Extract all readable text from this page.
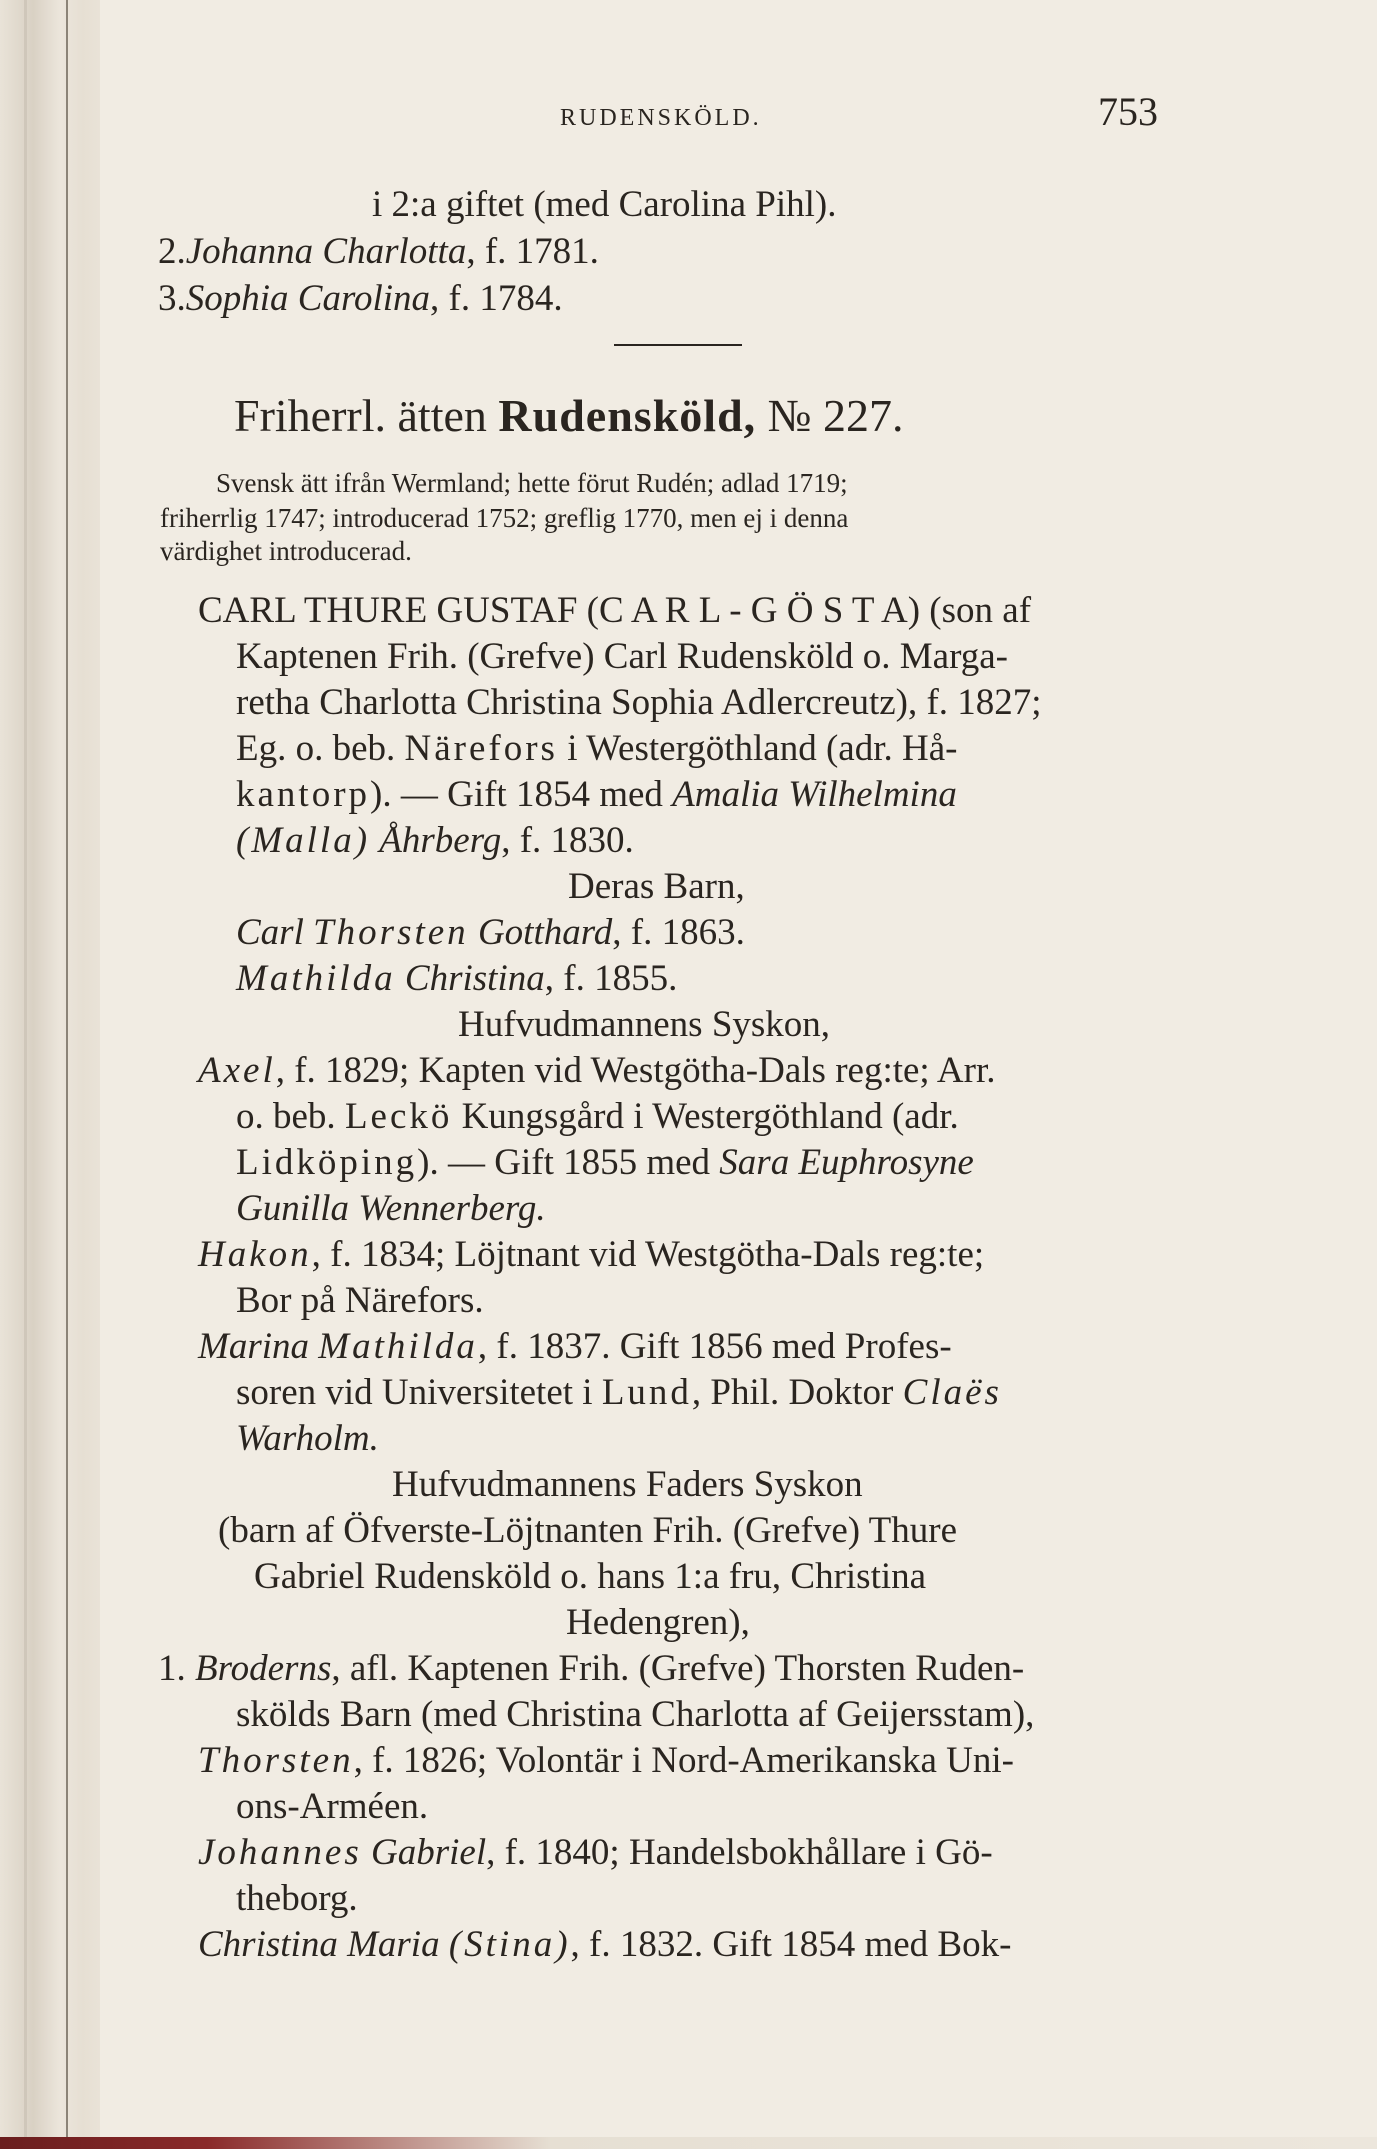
RUDENSKÖLD.	753
i 2:a giftet (med Carolina Pihl).
2.Johanna Charlotta, f. 1781.
3.Sophia Carolina, f. 1784.
Friherrl. ätten Rudensköld, № 227.
Svensk ätt ifrån Wermland; hette förut Rudén; adlad 1719;
friherrlig 1747; introducerad 1752; greflig 1770, men ej i denna
värdighet introducerad.
CARL THURE GUSTAF (C A R L - G Ö S T A) (son af
Kaptenen Frih. (Grefve) Carl Rudensköld o. Marga-
retha Charlotta Christina Sophia Adlercreutz), f. 1827;
Eg. o. beb. Närefors i Westergöthland (adr. Hå-
kantorp). — Gift 1854 med Amalia Wilhelmina
(Malla) Åhrberg, f. 1830.
Deras Barn,
Carl Thorsten Gotthard, f. 1863.
Mathilda Christina, f. 1855.
Hufvudmannens Syskon,
Axel, f. 1829; Kapten vid Westgötha-Dals reg:te; Arr.
o. beb. Leckö Kungsgård i Westergöthland (adr.
Lidköping). — Gift 1855 med Sara Euphrosyne
Gunilla Wennerberg.
Hakon, f. 1834; Löjtnant vid Westgötha-Dals reg:te;
Bor på Närefors.
Marina Mathilda, f. 1837. Gift 1856 med Profes-
soren vid Universitetet i Lund, Phil. Doktor Claës
Warholm.
Hufvudmannens Faders Syskon
(barn af Öfverste-Löjtnanten Frih. (Grefve) Thure
Gabriel Rudensköld o. hans 1:a fru, Christina
Hedengren),
1. Broderns, afl. Kaptenen Frih. (Grefve) Thorsten Ruden-
skölds Barn (med Christina Charlotta af Geijersstam),
Thorsten, f. 1826; Volontär i Nord-Amerikanska Uni-
ons-Arméen.
Johannes Gabriel, f. 1840; Handelsbokhållare i Gö-
theborg.
Christina Maria (Stina), f. 1832. Gift 1854 med Bok-
